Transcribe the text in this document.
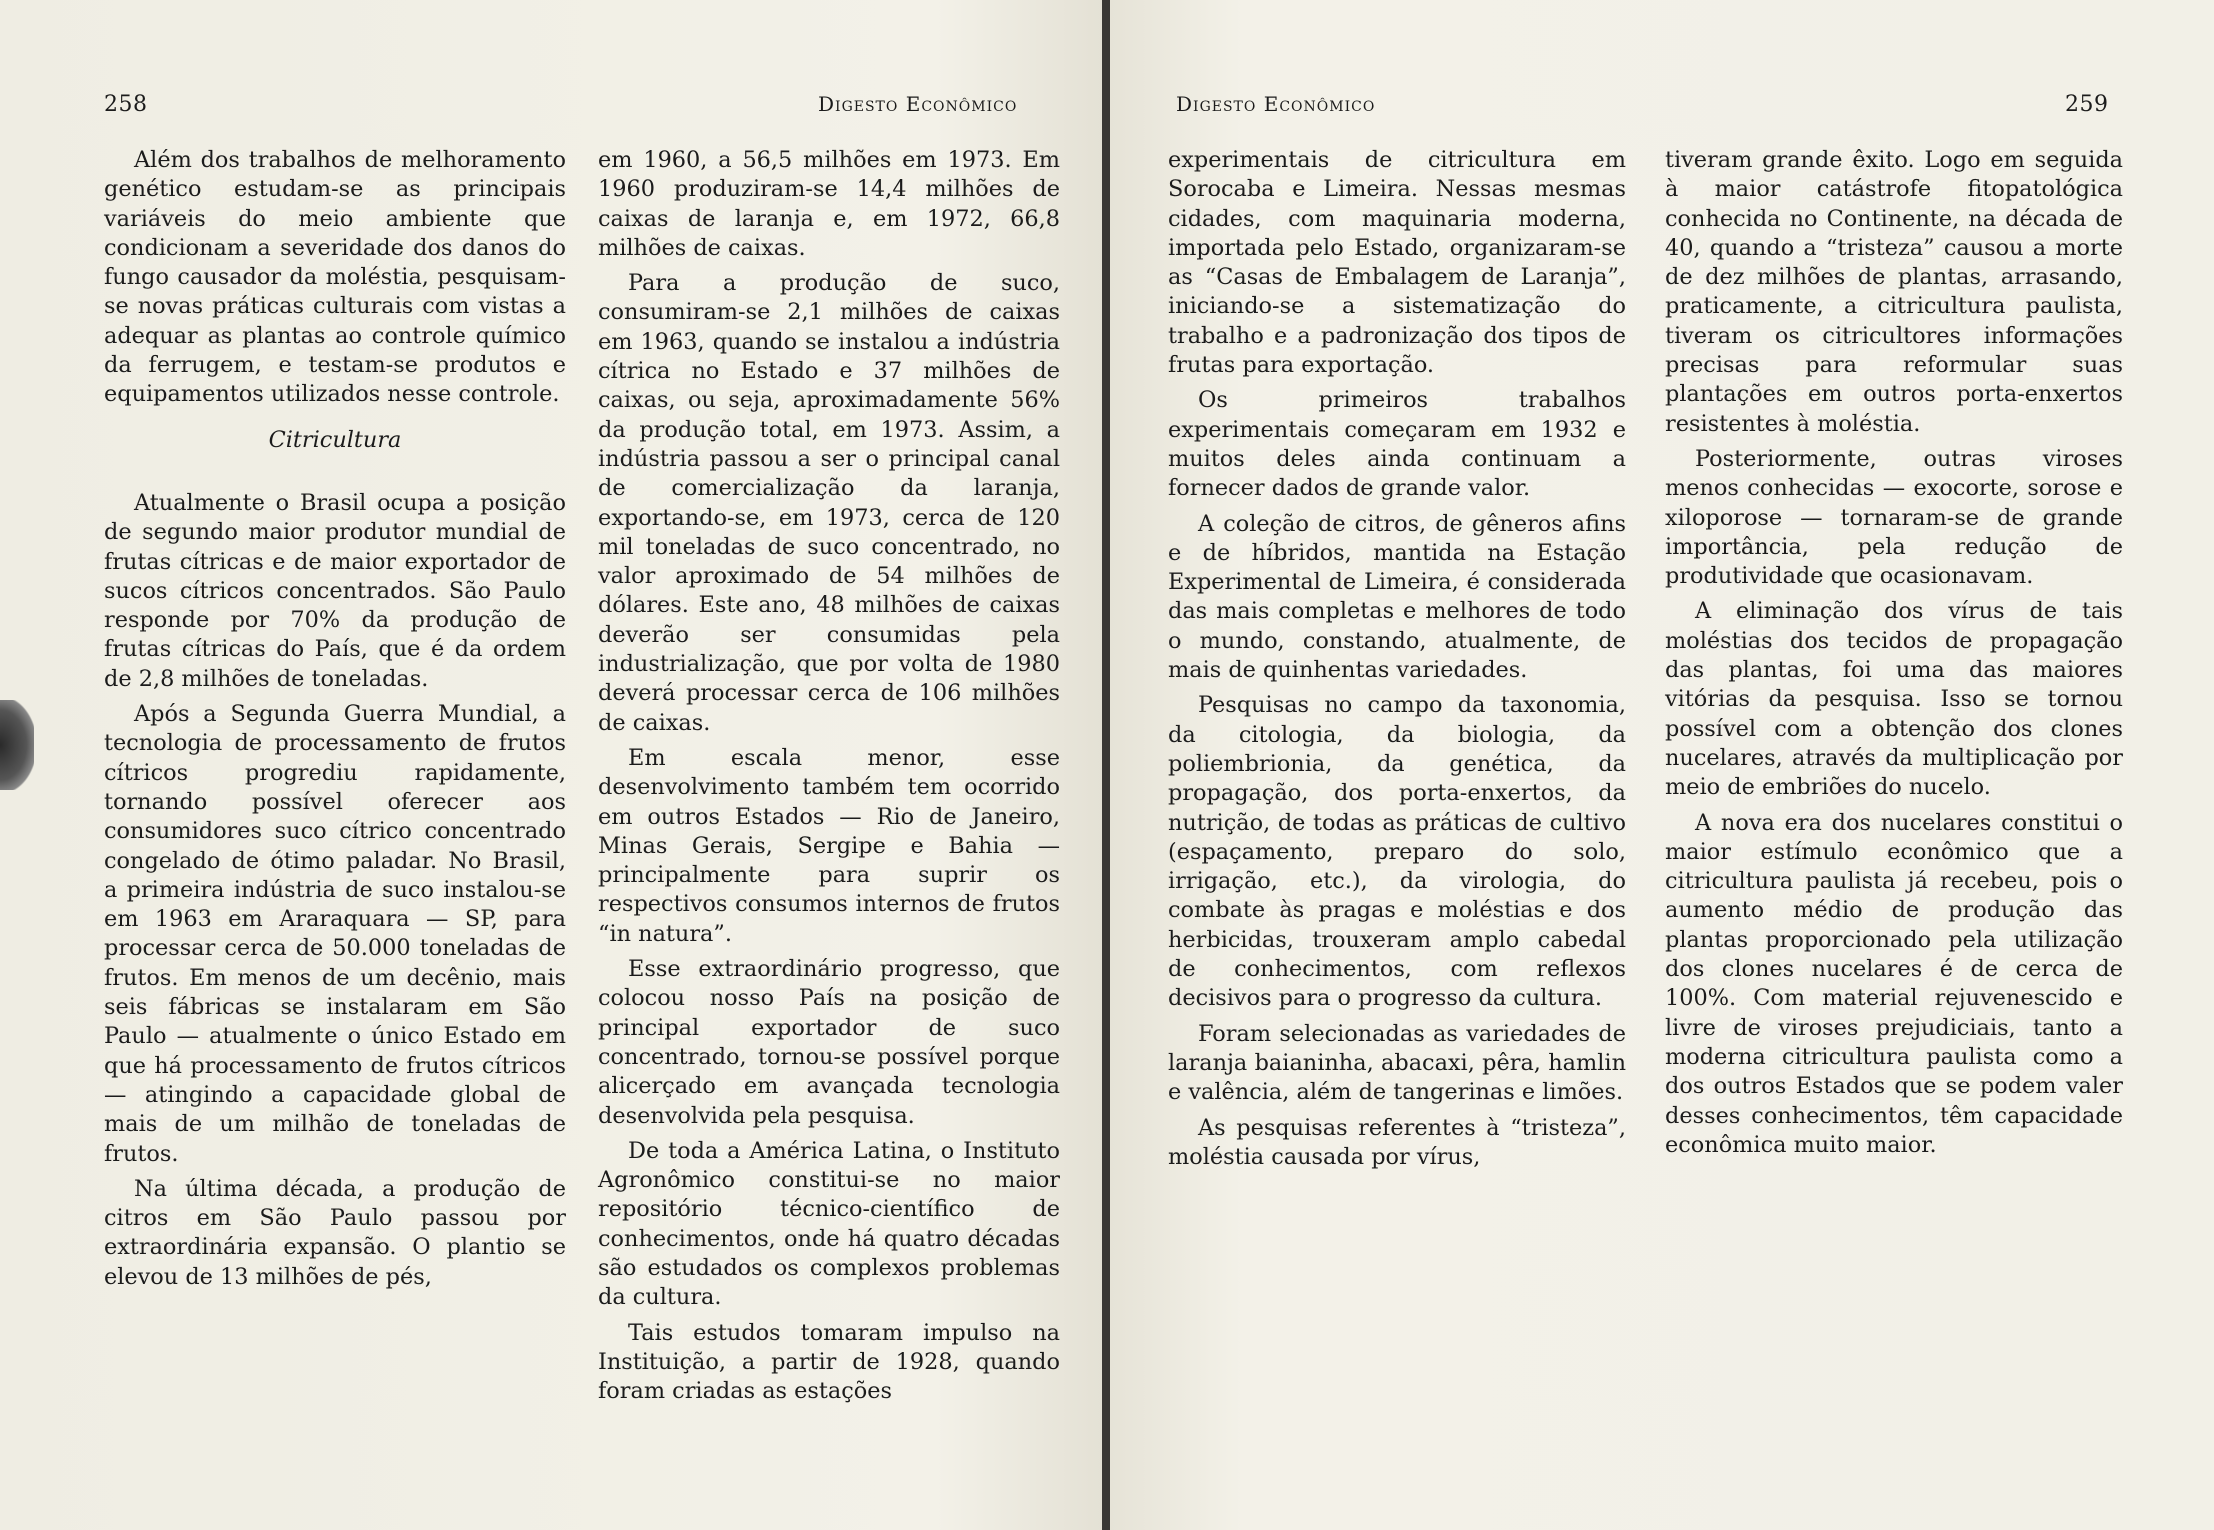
258	Digesto Econômico

Além dos trabalhos de melhoramento genético estudam-se as principais variáveis do meio ambiente que condicionam a severidade dos danos do fungo causador da moléstia, pesquisam-se novas práticas culturais com vistas a adequar as plantas ao controle químico da ferrugem, e testam-se produtos e equipamentos utilizados nesse controle.

Citricultura

Atualmente o Brasil ocupa a posição de segundo maior produtor mundial de frutas cítricas e de maior exportador de sucos cítricos concentrados. São Paulo responde por 70% da produção de frutas cítricas do País, que é da ordem de 2,8 milhões de toneladas.

Após a Segunda Guerra Mundial, a tecnologia de processamento de frutos cítricos progrediu rapidamente, tornando possível oferecer aos consumidores suco cítrico concentrado congelado de ótimo paladar. No Brasil, a primeira indústria de suco instalou-se em 1963 em Araraquara — SP, para processar cerca de 50.000 toneladas de frutos. Em menos de um decênio, mais seis fábricas se instalaram em São Paulo — atualmente o único Estado em que há processamento de frutos cítricos — atingindo a capacidade global de mais de um milhão de toneladas de frutos.

Na última década, a produção de citros em São Paulo passou por extraordinária expansão. O plantio se elevou de 13 milhões de pés,

em 1960, a 56,5 milhões em 1973. Em 1960 produziram-se 14,4 milhões de caixas de laranja e, em 1972, 66,8 milhões de caixas.

Para a produção de suco, consumiram-se 2,1 milhões de caixas em 1963, quando se instalou a indústria cítrica no Estado e 37 milhões de caixas, ou seja, aproximadamente 56% da produção total, em 1973. Assim, a indústria passou a ser o principal canal de comercialização da laranja, exportando-se, em 1973, cerca de 120 mil toneladas de suco concentrado, no valor aproximado de 54 milhões de dólares. Este ano, 48 milhões de caixas deverão ser consumidas pela industrialização, que por volta de 1980 deverá processar cerca de 106 milhões de caixas.

Em escala menor, esse desenvolvimento também tem ocorrido em outros Estados — Rio de Janeiro, Minas Gerais, Sergipe e Bahia — principalmente para suprir os respectivos consumos internos de frutos “in natura”.

Esse extraordinário progresso, que colocou nosso País na posição de principal exportador de suco concentrado, tornou-se possível porque alicerçado em avançada tecnologia desenvolvida pela pesquisa.

De toda a América Latina, o Instituto Agronômico constitui-se no maior repositório técnico-científico de conhecimentos, onde há quatro décadas são estudados os complexos problemas da cultura.

Tais estudos tomaram impulso na Instituição, a partir de 1928, quando foram criadas as estações

Digesto Econômico	259

experimentais de citricultura em Sorocaba e Limeira. Nessas mesmas cidades, com maquinaria moderna, importada pelo Estado, organizaram-se as “Casas de Embalagem de Laranja”, iniciando-se a sistematização do trabalho e a padronização dos tipos de frutas para exportação.

Os primeiros trabalhos experimentais começaram em 1932 e muitos deles ainda continuam a fornecer dados de grande valor.

A coleção de citros, de gêneros afins e de híbridos, mantida na Estação Experimental de Limeira, é considerada das mais completas e melhores de todo o mundo, constando, atualmente, de mais de quinhentas variedades.

Pesquisas no campo da taxonomia, da citologia, da biologia, da poliembrionia, da genética, da propagação, dos porta-enxertos, da nutrição, de todas as práticas de cultivo (espaçamento, preparo do solo, irrigação, etc.), da virologia, do combate às pragas e moléstias e dos herbicidas, trouxeram amplo cabedal de conhecimentos, com reflexos decisivos para o progresso da cultura.

Foram selecionadas as variedades de laranja baianinha, abacaxi, pêra, hamlin e valência, além de tangerinas e limões.

As pesquisas referentes à “tristeza”, moléstia causada por vírus,

tiveram grande êxito. Logo em seguida à maior catástrofe fitopatológica conhecida no Continente, na década de 40, quando a “tristeza” causou a morte de dez milhões de plantas, arrasando, praticamente, a citricultura paulista, tiveram os citricultores informações precisas para reformular suas plantações em outros porta-enxertos resistentes à moléstia.

Posteriormente, outras viroses menos conhecidas — exocorte, sorose e xiloporose — tornaram-se de grande importância, pela redução de produtividade que ocasionavam.

A eliminação dos vírus de tais moléstias dos tecidos de propagação das plantas, foi uma das maiores vitórias da pesquisa. Isso se tornou possível com a obtenção dos clones nucelares, através da multiplicação por meio de embriões do nucelo.

A nova era dos nucelares constitui o maior estímulo econômico que a citricultura paulista já recebeu, pois o aumento médio de produção das plantas proporcionado pela utilização dos clones nucelares é de cerca de 100%. Com material rejuvenescido e livre de viroses prejudiciais, tanto a moderna citricultura paulista como a dos outros Estados que se podem valer desses conhecimentos, têm capacidade econômica muito maior.
